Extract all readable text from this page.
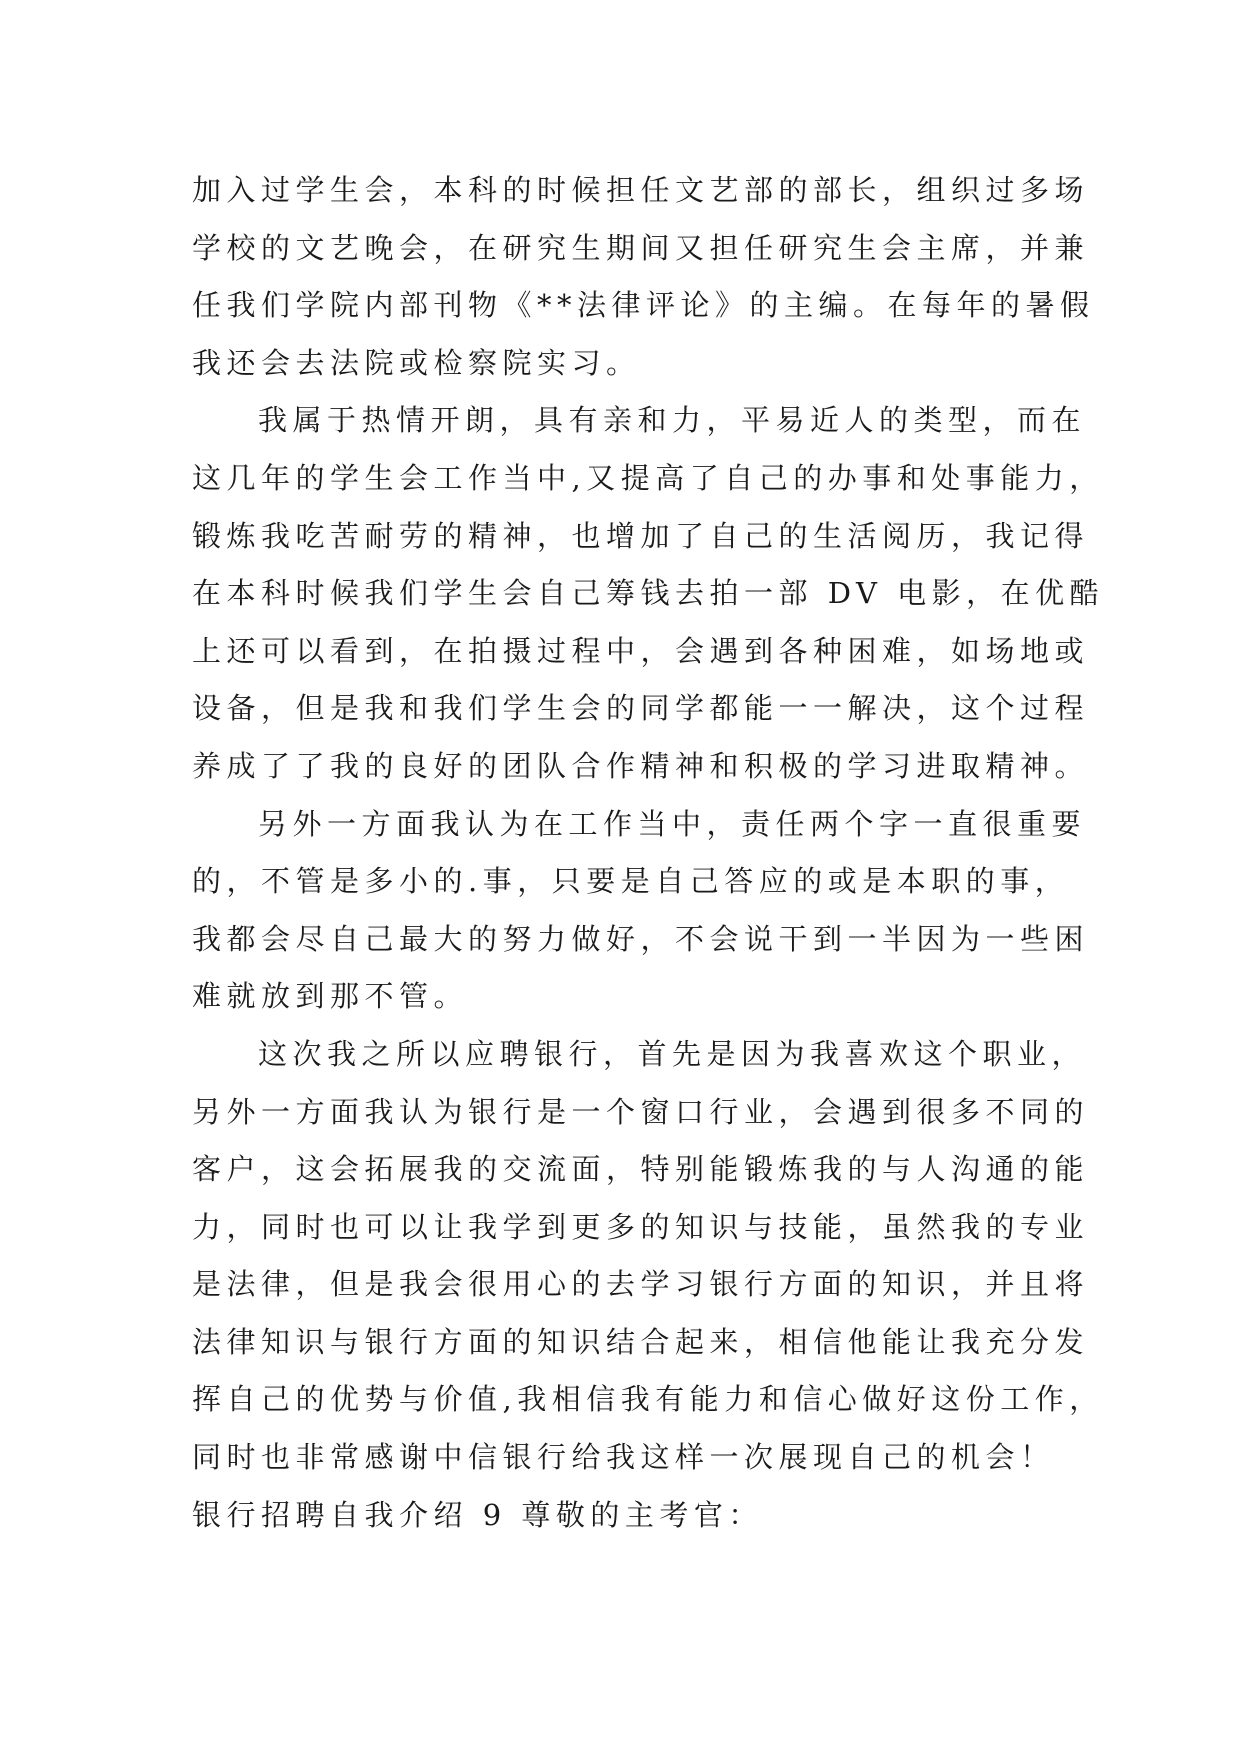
加入过学生会，本科的时候担任文艺部的部长，组织过多场
学校的文艺晚会，在研究生期间又担任研究生会主席，并兼
任我们学院内部刊物《**法律评论》的主编。在每年的暑假
我还会去法院或检察院实习。
我属于热情开朗，具有亲和力，平易近人的类型，而在
这几年的学生会工作当中,又提高了自己的办事和处事能力，
锻炼我吃苦耐劳的精神，也增加了自己的生活阅历，我记得
在本科时候我们学生会自己筹钱去拍一部 DV 电影，在优酷
上还可以看到，在拍摄过程中，会遇到各种困难，如场地或
设备，但是我和我们学生会的同学都能一一解决，这个过程
养成了了我的良好的团队合作精神和积极的学习进取精神。
另外一方面我认为在工作当中，责任两个字一直很重要
的，不管是多小的.事，只要是自己答应的或是本职的事，
我都会尽自己最大的努力做好，不会说干到一半因为一些困
难就放到那不管。
这次我之所以应聘银行，首先是因为我喜欢这个职业，
另外一方面我认为银行是一个窗口行业，会遇到很多不同的
客户，这会拓展我的交流面，特别能锻炼我的与人沟通的能
力，同时也可以让我学到更多的知识与技能，虽然我的专业
是法律，但是我会很用心的去学习银行方面的知识，并且将
法律知识与银行方面的知识结合起来，相信他能让我充分发
挥自己的优势与价值,我相信我有能力和信心做好这份工作，
同时也非常感谢中信银行给我这样一次展现自己的机会！
银行招聘自我介绍 9 尊敬的主考官：
